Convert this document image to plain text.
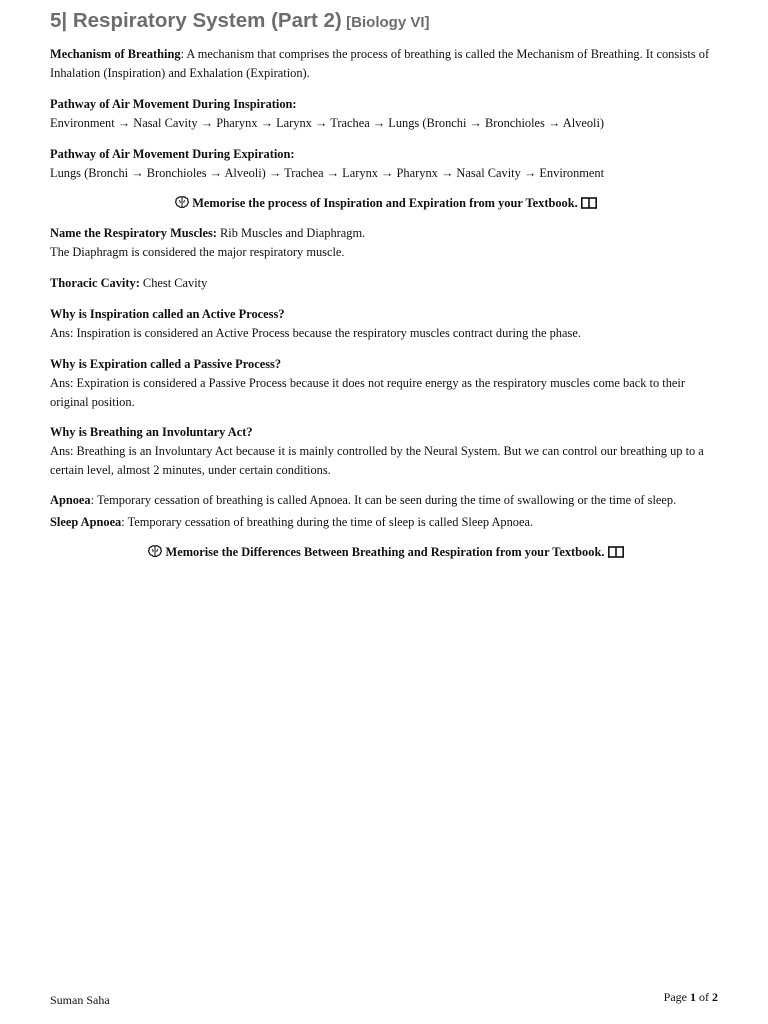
5| Respiratory System (Part 2) [Biology VI]
Mechanism of Breathing: A mechanism that comprises the process of breathing is called the Mechanism of Breathing. It consists of Inhalation (Inspiration) and Exhalation (Expiration).
Pathway of Air Movement During Inspiration:
Environment → Nasal Cavity → Pharynx → Larynx → Trachea → Lungs (Bronchi → Bronchioles → Alveoli)
Pathway of Air Movement During Expiration:
Lungs (Bronchi → Bronchioles → Alveoli) → Trachea → Larynx → Pharynx → Nasal Cavity → Environment
Memorise the process of Inspiration and Expiration from your Textbook.
Name the Respiratory Muscles: Rib Muscles and Diaphragm.
The Diaphragm is considered the major respiratory muscle.
Thoracic Cavity: Chest Cavity
Why is Inspiration called an Active Process?
Ans: Inspiration is considered an Active Process because the respiratory muscles contract during the phase.
Why is Expiration called a Passive Process?
Ans: Expiration is considered a Passive Process because it does not require energy as the respiratory muscles come back to their original position.
Why is Breathing an Involuntary Act?
Ans: Breathing is an Involuntary Act because it is mainly controlled by the Neural System. But we can control our breathing up to a certain level, almost 2 minutes, under certain conditions.
Apnoea: Temporary cessation of breathing is called Apnoea. It can be seen during the time of swallowing or the time of sleep.
Sleep Apnoea: Temporary cessation of breathing during the time of sleep is called Sleep Apnoea.
Memorise the Differences Between Breathing and Respiration from your Textbook.
Suman Saha	Page 1 of 2
